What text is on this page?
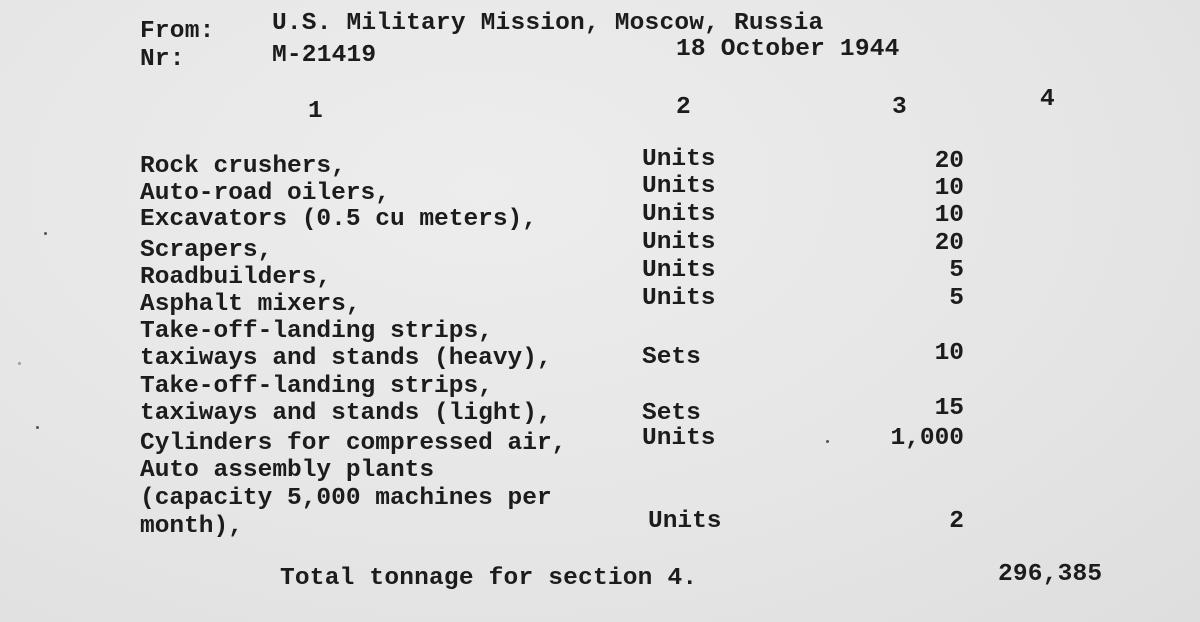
From: U.S. Military Mission, Moscow, Russia
Nr:	M-21419	18 October 1944
1	2	3	4
Rock crushers,	Units	20
Auto-road oilers,	Units	10
Excavators (0.5 cu meters),	Units	10
Scrapers,	Units	20
Roadbuilders,	Units	5
Asphalt mixers,	Units	5
Take-off-landing strips,
taxiways and stands (heavy),	Sets	10
Take-off-landing strips,
taxiways and stands (light),	Sets	15
Cylinders for compressed air,	Units	1,000
Auto assembly plants
(capacity 5,000 machines per
month),	Units	2
Total tonnage for section 4.	296,385
